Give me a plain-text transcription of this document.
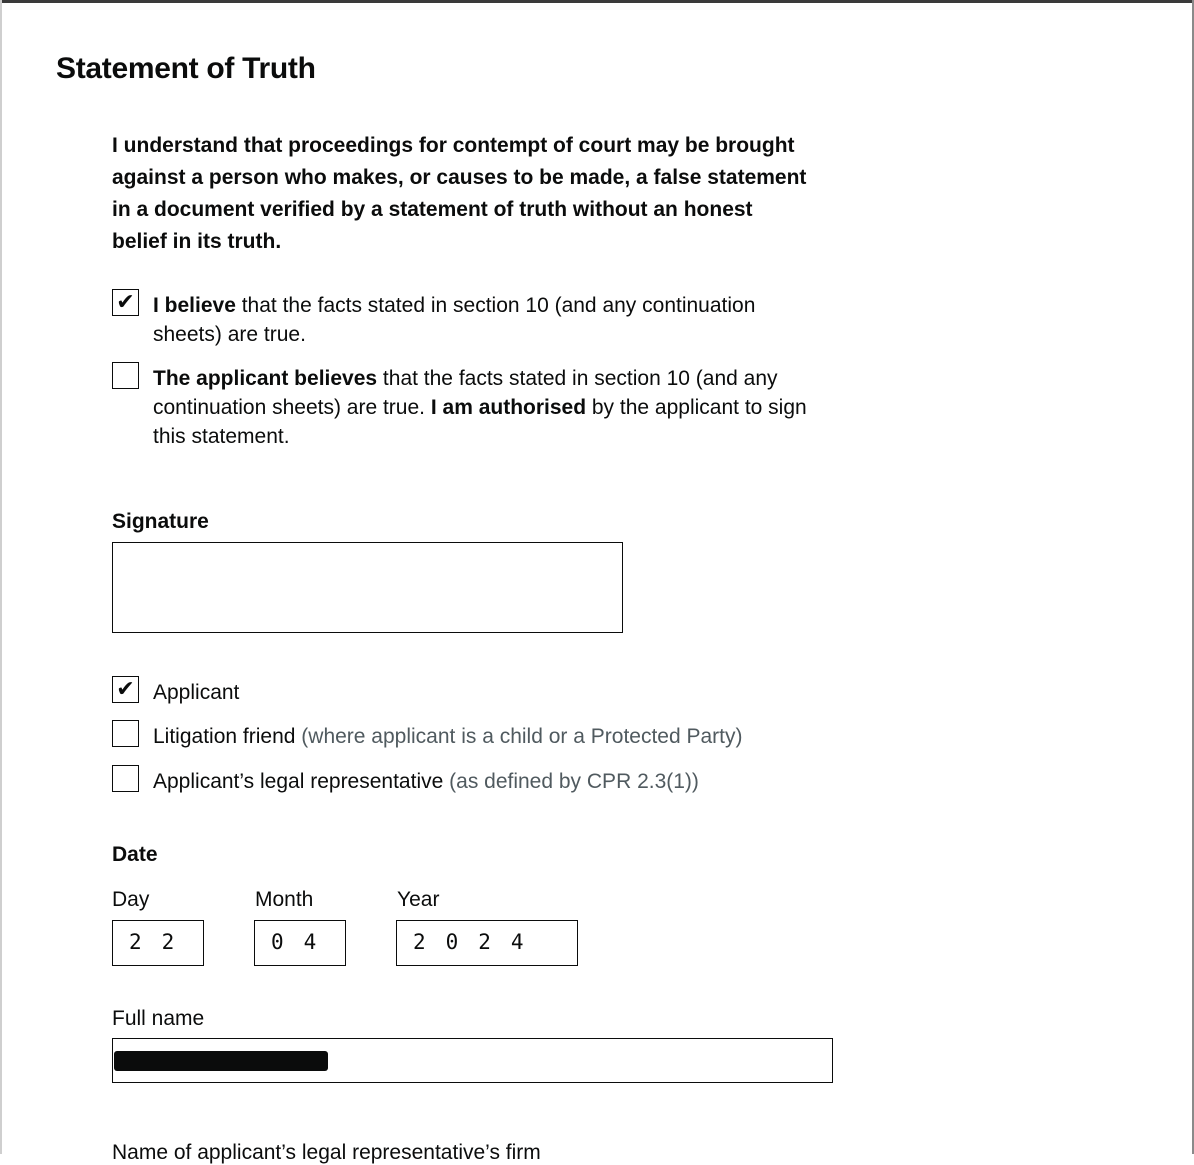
Statement of Truth
I understand that proceedings for contempt of court may be brought against a person who makes, or causes to be made, a false statement in a document verified by a statement of truth without an honest belief in its truth.
✔ I believe that the facts stated in section 10 (and any continuation sheets) are true.
The applicant believes that the facts stated in section 10 (and any continuation sheets) are true. I am authorised by the applicant to sign this statement.
Signature
✔ Applicant
Litigation friend (where applicant is a child or a Protected Party)
Applicant’s legal representative (as defined by CPR 2.3(1))
Date
Day
22
Month
04
Year
2024
Full name
Name of applicant’s legal representative’s firm
